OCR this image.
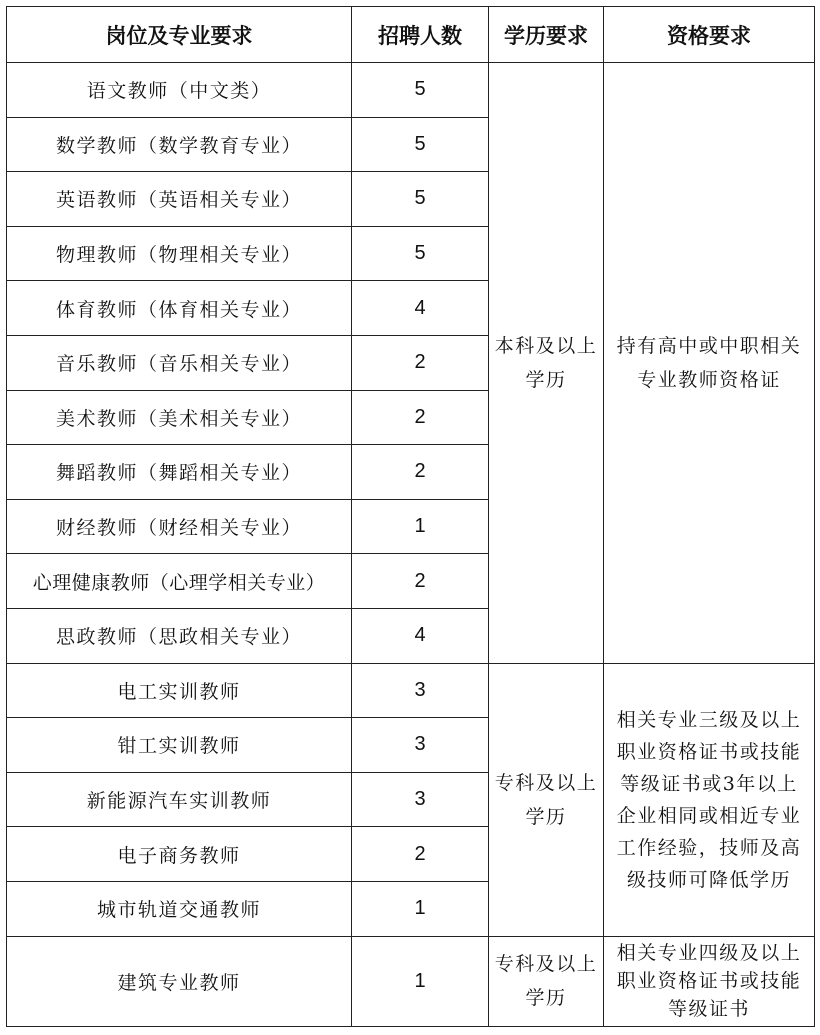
岗位及专业要求	招聘人数	学历要求	资格要求
语文教师（中文类）	5	本科及以上学历	持有高中或中职相关专业教师资格证
数学教师（数学教育专业）	5		
英语教师（英语相关专业）	5		
物理教师（物理相关专业）	5		
体育教师（体育相关专业）	4		
音乐教师（音乐相关专业）	2		
美术教师（美术相关专业）	2		
舞蹈教师（舞蹈相关专业）	2		
财经教师（财经相关专业）	1		
心理健康教师（心理学相关专业）	2		
思政教师（思政相关专业）	4		
电工实训教师	3	专科及以上学历	相关专业三级及以上职业资格证书或技能等级证书或3年以上企业相同或相近专业工作经验，技师及高级技师可降低学历
钳工实训教师	3		
新能源汽车实训教师	3		
电子商务教师	2		
城市轨道交通教师	1		
建筑专业教师	1	专科及以上学历	相关专业四级及以上职业资格证书或技能等级证书
